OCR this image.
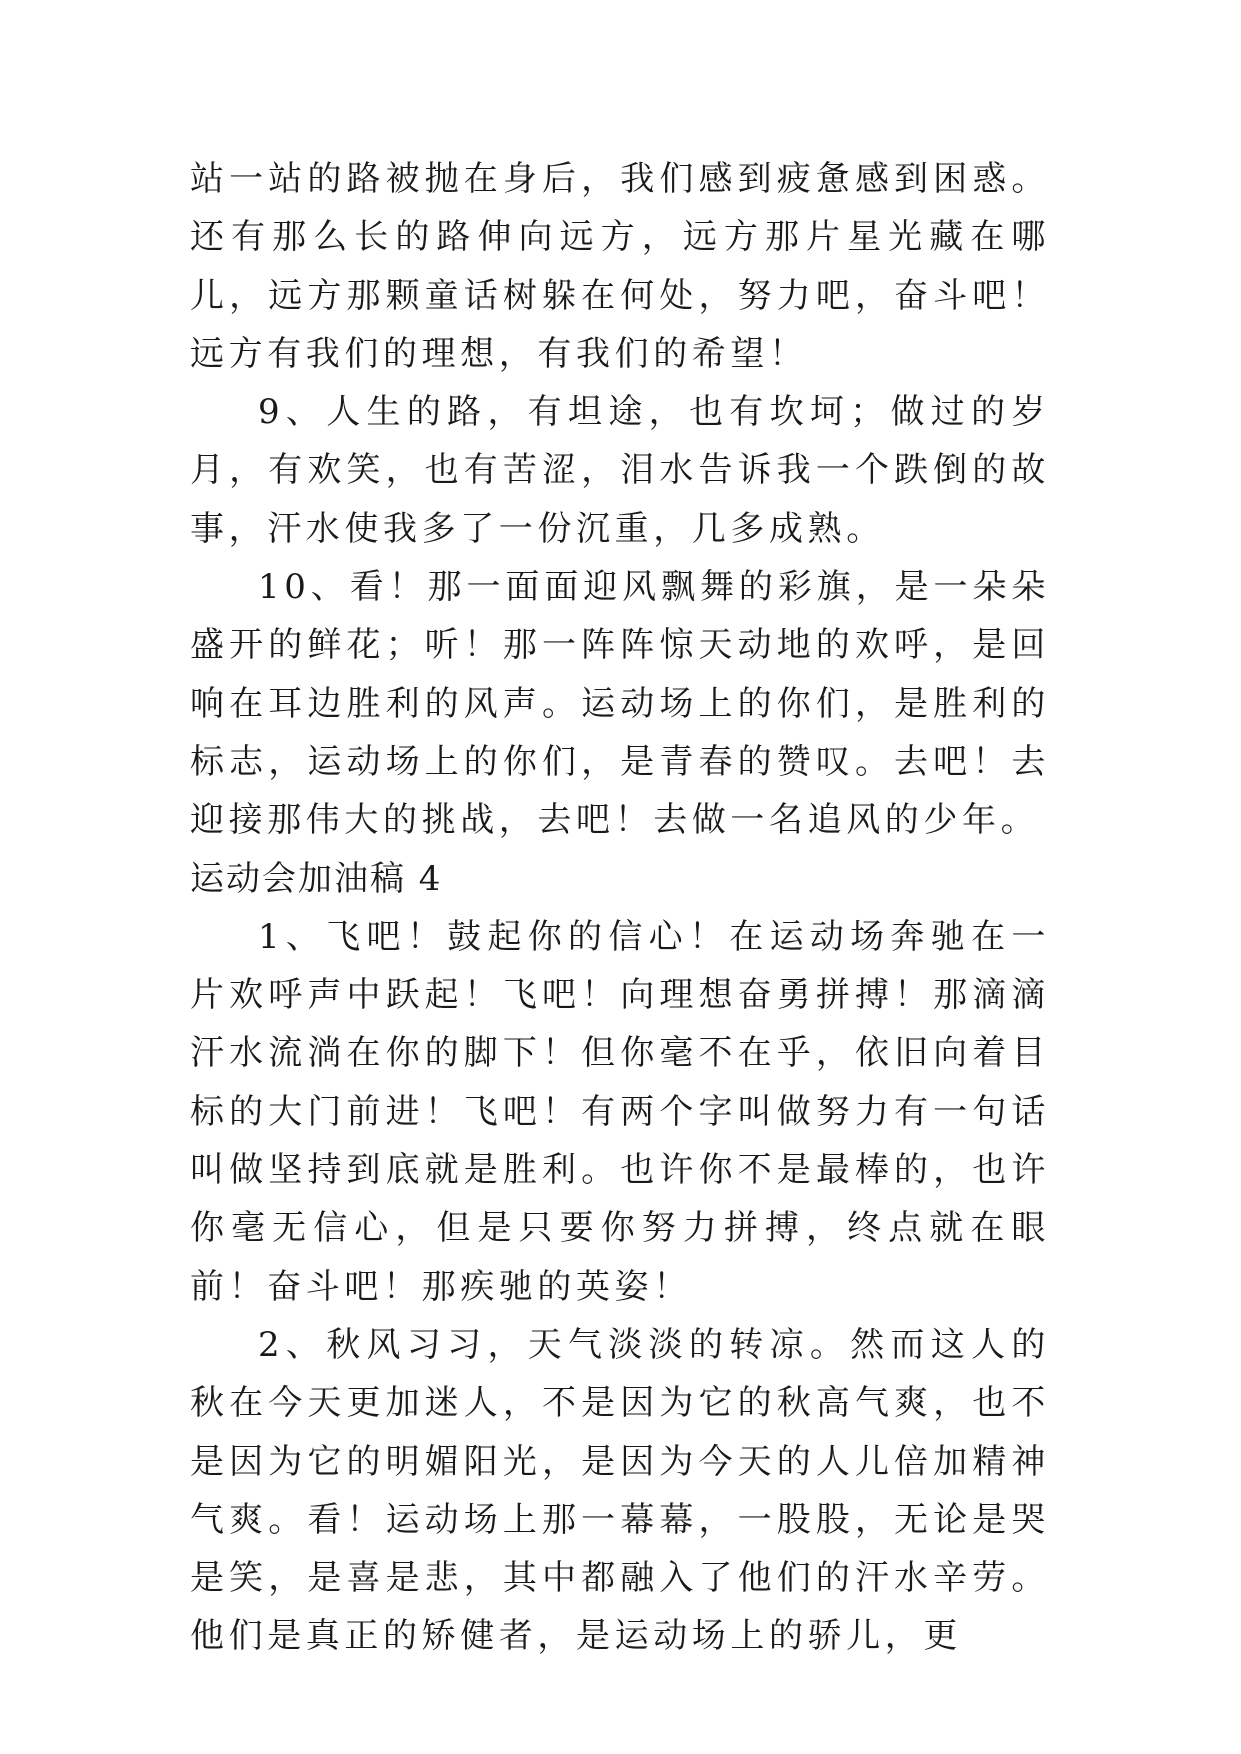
站一站的路被抛在身后，我们感到疲惫感到困惑。还有那么长的路伸向远方，远方那片星光藏在哪儿，远方那颗童话树躲在何处，努力吧，奋斗吧！远方有我们的理想，有我们的希望！

9、人生的路，有坦途，也有坎坷；做过的岁月，有欢笑，也有苦涩，泪水告诉我一个跌倒的故事，汗水使我多了一份沉重，几多成熟。

10、看！那一面面迎风飘舞的彩旗，是一朵朵盛开的鲜花；听！那一阵阵惊天动地的欢呼，是回响在耳边胜利的风声。运动场上的你们，是胜利的标志，运动场上的你们，是青春的赞叹。去吧！去迎接那伟大的挑战，去吧！去做一名追风的少年。

运动会加油稿 4

1、飞吧！鼓起你的信心！在运动场奔驰在一片欢呼声中跃起！飞吧！向理想奋勇拼搏！那滴滴汗水流淌在你的脚下！但你毫不在乎，依旧向着目标的大门前进！飞吧！有两个字叫做努力有一句话叫做坚持到底就是胜利。也许你不是最棒的，也许你毫无信心，但是只要你努力拼搏，终点就在眼前！奋斗吧！那疾驰的英姿！

2、秋风习习，天气淡淡的转凉。然而这人的秋在今天更加迷人，不是因为它的秋高气爽，也不是因为它的明媚阳光，是因为今天的人儿倍加精神气爽。看！运动场上那一幕幕，一股股，无论是哭是笑，是喜是悲，其中都融入了他们的汗水辛劳。他们是真正的矫健者，是运动场上的骄儿，更
